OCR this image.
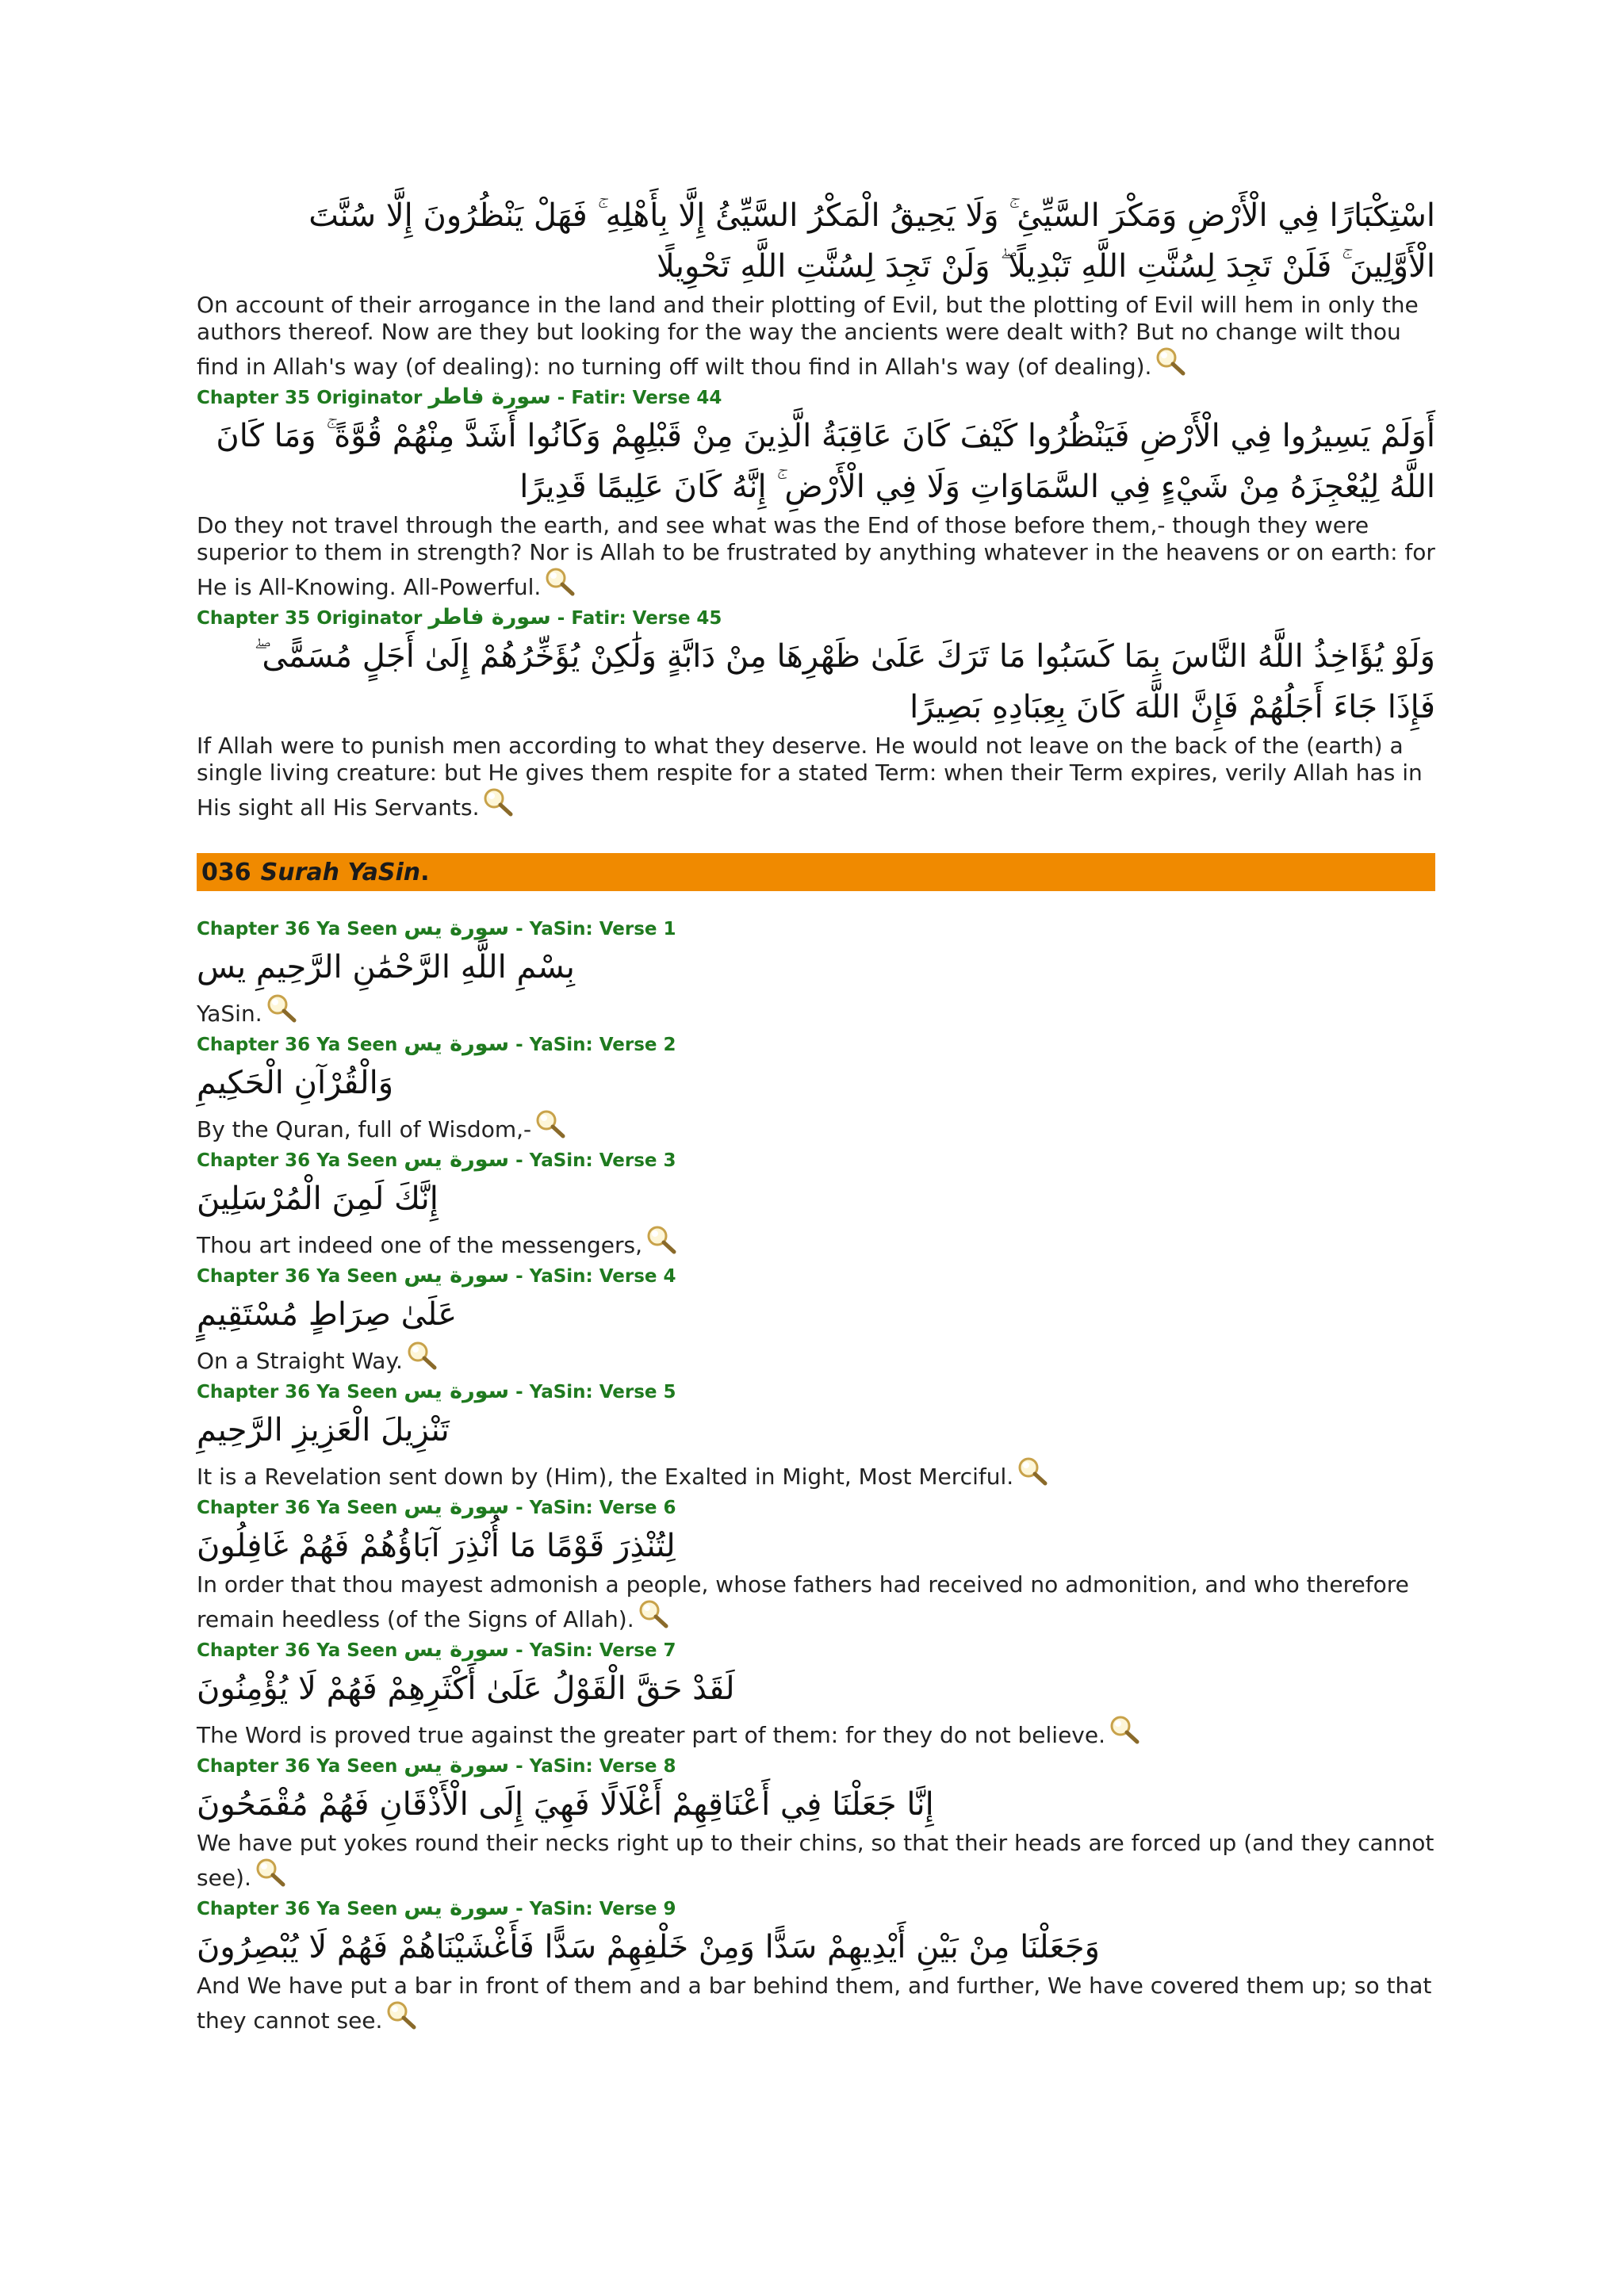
اسْتِكْبَارًا فِي الْأَرْضِ وَمَكْرَ السَّيِّئِ ۚ وَلَا يَحِيقُ الْمَكْرُ السَّيِّئُ إِلَّا بِأَهْلِهِ ۚ فَهَلْ يَنْظُرُونَ إِلَّا سُنَّتَ
الْأَوَّلِينَ ۚ فَلَنْ تَجِدَ لِسُنَّتِ اللَّهِ تَبْدِيلًا ۖ وَلَنْ تَجِدَ لِسُنَّتِ اللَّهِ تَحْوِيلًا
On account of their arrogance in the land and their plotting of Evil, but the plotting of Evil will hem in only the authors thereof. Now are they but looking for the way the ancients were dealt with? But no change wilt thou find in Allah's way (of dealing): no turning off wilt thou find in Allah's way (of dealing).
Chapter 35 Originator سورة فاطر - Fatir: Verse 44
أَوَلَمْ يَسِيرُوا فِي الْأَرْضِ فَيَنْظُرُوا كَيْفَ كَانَ عَاقِبَةُ الَّذِينَ مِنْ قَبْلِهِمْ وَكَانُوا أَشَدَّ مِنْهُمْ قُوَّةً ۚ وَمَا كَانَ اللَّهُ لِيُعْجِزَهُ مِنْ شَيْءٍ فِي السَّمَاوَاتِ وَلَا فِي الْأَرْضِ ۚ إِنَّهُ كَانَ عَلِيمًا قَدِيرًا
Do they not travel through the earth, and see what was the End of those before them,- though they were superior to them in strength? Nor is Allah to be frustrated by anything whatever in the heavens or on earth: for He is All-Knowing. All-Powerful.
Chapter 35 Originator سورة فاطر - Fatir: Verse 45
وَلَوْ يُؤَاخِذُ اللَّهُ النَّاسَ بِمَا كَسَبُوا مَا تَرَكَ عَلَىٰ ظَهْرِهَا مِنْ دَابَّةٍ وَلَٰكِنْ يُؤَخِّرُهُمْ إِلَىٰ أَجَلٍ مُسَمًّى ۖ فَإِذَا جَاءَ أَجَلُهُمْ فَإِنَّ اللَّهَ كَانَ بِعِبَادِهِ بَصِيرًا
If Allah were to punish men according to what they deserve. He would not leave on the back of the (earth) a single living creature: but He gives them respite for a stated Term: when their Term expires, verily Allah has in His sight all His Servants.
036 Surah YaSin .
Chapter 36 Ya Seen سورة يس - YaSin: Verse 1
بِسْمِ اللَّهِ الرَّحْمَٰنِ الرَّحِيمِ يس
YaSin.
Chapter 36 Ya Seen سورة يس - YaSin: Verse 2
وَالْقُرْآنِ الْحَكِيمِ
By the Quran, full of Wisdom,-
Chapter 36 Ya Seen سورة يس - YaSin: Verse 3
إِنَّكَ لَمِنَ الْمُرْسَلِينَ
Thou art indeed one of the messengers,
Chapter 36 Ya Seen سورة يس - YaSin: Verse 4
عَلَىٰ صِرَاطٍ مُسْتَقِيمٍ
On a Straight Way.
Chapter 36 Ya Seen سورة يس - YaSin: Verse 5
تَنْزِيلَ الْعَزِيزِ الرَّحِيمِ
It is a Revelation sent down by (Him), the Exalted in Might, Most Merciful.
Chapter 36 Ya Seen سورة يس - YaSin: Verse 6
لِتُنْذِرَ قَوْمًا مَا أُنْذِرَ آبَاؤُهُمْ فَهُمْ غَافِلُونَ
In order that thou mayest admonish a people, whose fathers had received no admonition, and who therefore remain heedless (of the Signs of Allah).
Chapter 36 Ya Seen سورة يس - YaSin: Verse 7
لَقَدْ حَقَّ الْقَوْلُ عَلَىٰ أَكْثَرِهِمْ فَهُمْ لَا يُؤْمِنُونَ
The Word is proved true against the greater part of them: for they do not believe.
Chapter 36 Ya Seen سورة يس - YaSin: Verse 8
إِنَّا جَعَلْنَا فِي أَعْنَاقِهِمْ أَغْلَالًا فَهِيَ إِلَى الْأَذْقَانِ فَهُمْ مُقْمَحُونَ
We have put yokes round their necks right up to their chins, so that their heads are forced up (and they cannot see).
Chapter 36 Ya Seen سورة يس - YaSin: Verse 9
وَجَعَلْنَا مِنْ بَيْنِ أَيْدِيهِمْ سَدًّا وَمِنْ خَلْفِهِمْ سَدًّا فَأَغْشَيْنَاهُمْ فَهُمْ لَا يُبْصِرُونَ
And We have put a bar in front of them and a bar behind them, and further, We have covered them up; so that they cannot see.
